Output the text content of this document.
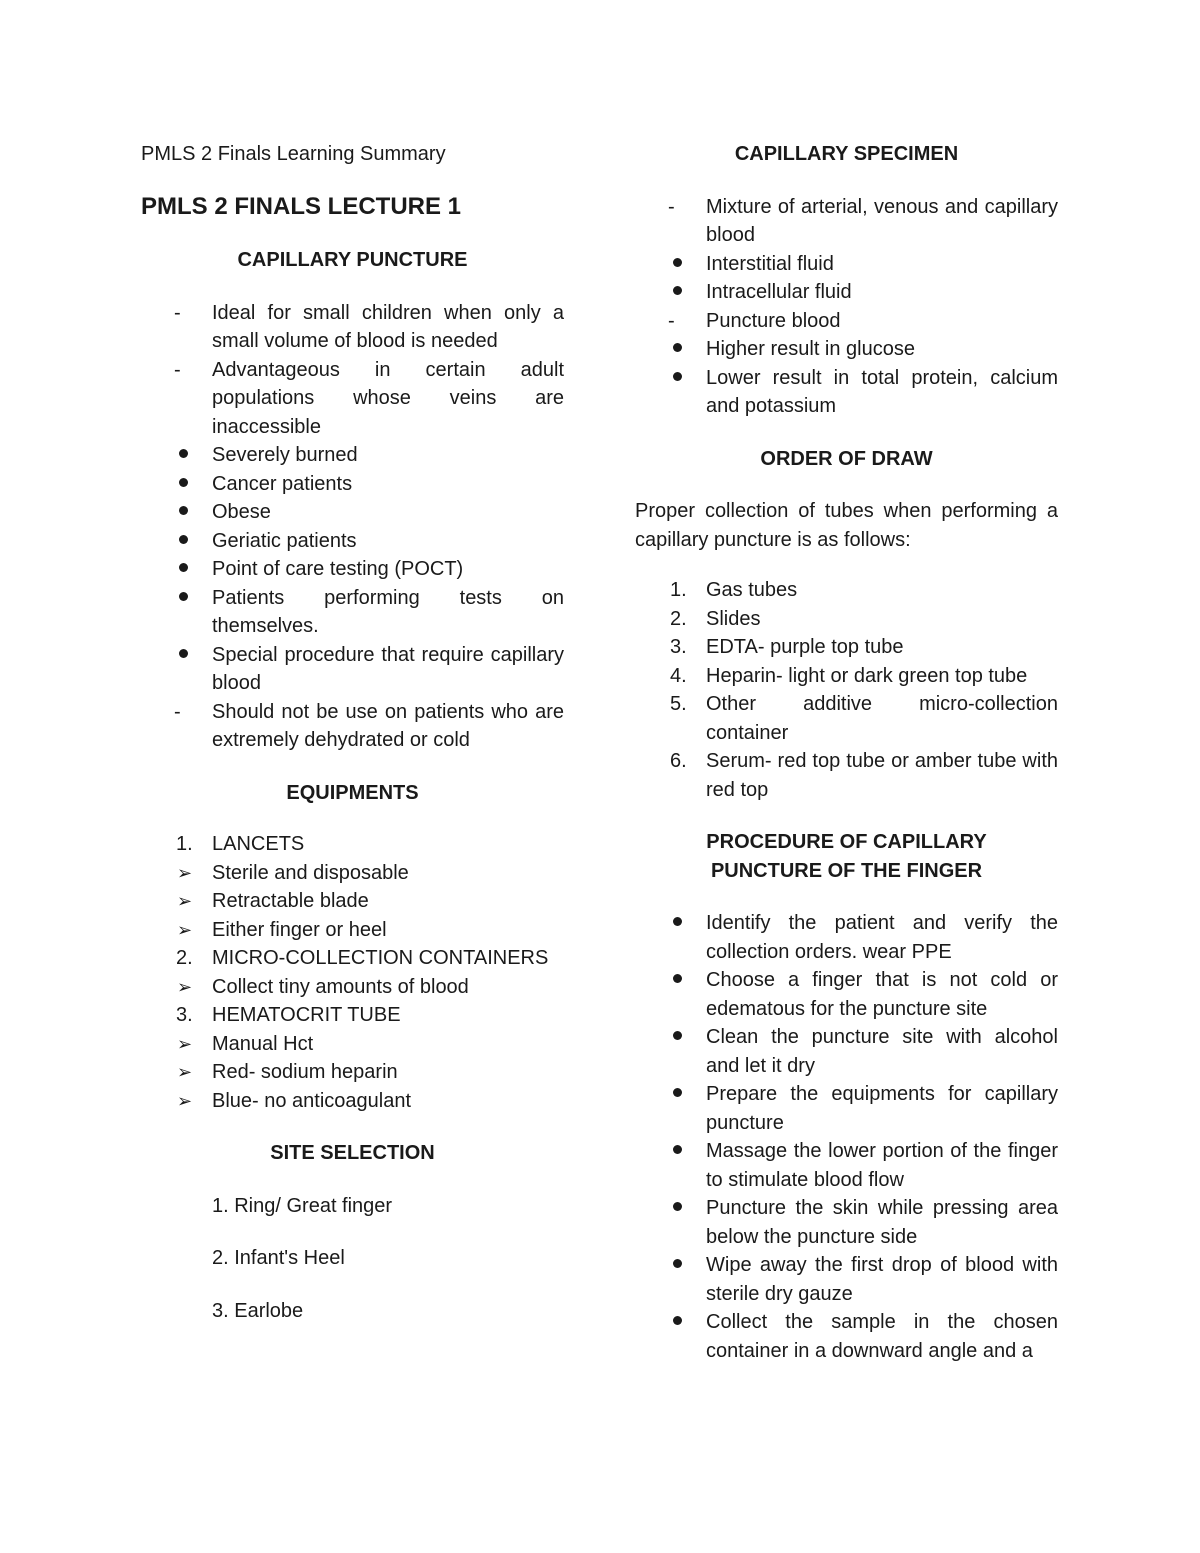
PMLS 2 Finals Learning Summary

PMLS 2 FINALS LECTURE 1

CAPILLARY PUNCTURE

-	Ideal for small children when only a small volume of blood is needed
-	Advantageous in certain adult populations whose veins are inaccessible
Severely burned
Cancer patients
Obese
Geriatic patients
Point of care testing (POCT)
Patients performing tests on themselves.
Special procedure that require capillary blood
-	Should not be use on patients who are extremely dehydrated or cold

EQUIPMENTS

1. LANCETS
➢ Sterile and disposable
➢ Retractable blade
➢ Either finger or heel
2. MICRO-COLLECTION CONTAINERS
➢ Collect tiny amounts of blood
3. HEMATOCRIT TUBE
➢ Manual Hct
➢ Red- sodium heparin
➢ Blue- no anticoagulant

SITE SELECTION

1. Ring/ Great finger
2. Infant's Heel
3. Earlobe

CAPILLARY SPECIMEN

-	Mixture of arterial, venous and capillary blood
Interstitial fluid
Intracellular fluid
-	Puncture blood
Higher result in glucose
Lower result in total protein, calcium and potassium

ORDER OF DRAW

Proper collection of tubes when performing a capillary puncture is as follows:

1. Gas tubes
2. Slides
3. EDTA- purple top tube
4. Heparin- light or dark green top tube
5. Other additive micro-collection container
6. Serum- red top tube or amber tube with red top

PROCEDURE OF CAPILLARY

PUNCTURE OF THE FINGER

Identify the patient and verify the collection orders. wear PPE
Choose a finger that is not cold or edematous for the puncture site
Clean the puncture site with alcohol and let it dry
Prepare the equipments for capillary puncture
Massage the lower portion of the finger to stimulate blood flow
Puncture the skin while pressing area below the puncture side
Wipe away the first drop of blood with sterile dry gauze
Collect the sample in the chosen container in a downward angle and a
